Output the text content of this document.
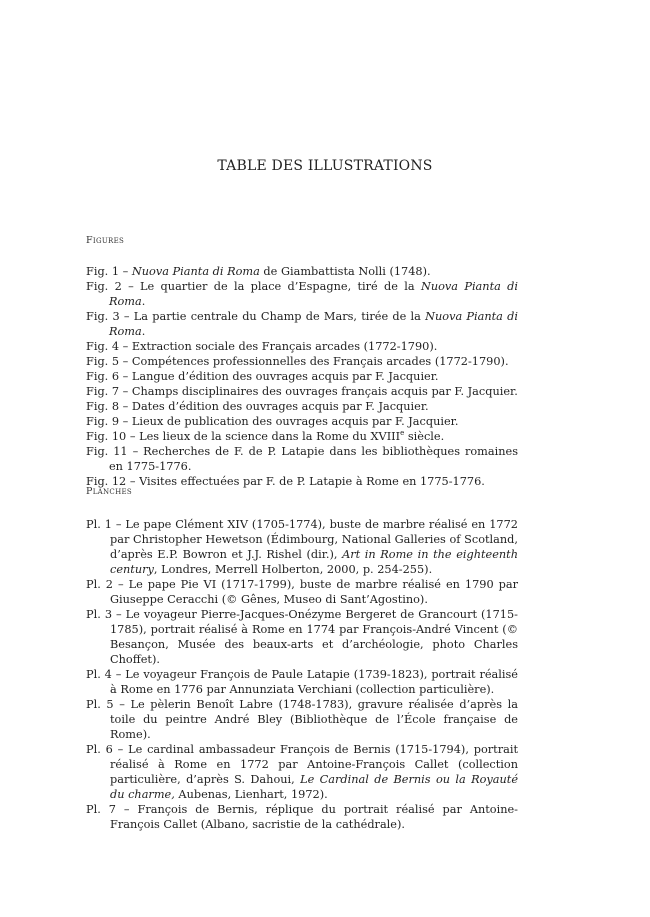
TABLE DES ILLUSTRATIONS
Figures
Fig. 1 – Nuova Pianta di Roma de Giambattista Nolli (1748).
Fig. 2 – Le quartier de la place d’Espagne, tiré de la Nuova Pianta di Roma.
Fig. 3 – La partie centrale du Champ de Mars, tirée de la Nuova Pianta di Roma.
Fig. 4 – Extraction sociale des Français arcades (1772-1790).
Fig. 5 – Compétences professionnelles des Français arcades (1772-1790).
Fig. 6 – Langue d’édition des ouvrages acquis par F. Jacquier.
Fig. 7 – Champs disciplinaires des ouvrages français acquis par F. Jacquier.
Fig. 8 – Dates d’édition des ouvrages acquis par F. Jacquier.
Fig. 9 – Lieux de publication des ouvrages acquis par F. Jacquier.
Fig. 10 – Les lieux de la science dans la Rome du XVIIIe siècle.
Fig. 11 – Recherches de F. de P. Latapie dans les bibliothèques romaines en 1775-1776.
Fig. 12 – Visites effectuées par F. de P. Latapie à Rome en 1775-1776.
Planches
Pl. 1 – Le pape Clément XIV (1705-1774), buste de marbre réalisé en 1772 par Christopher Hewetson (Édimbourg, National Galleries of Scotland, d’après E.P. Bowron et J.J. Rishel (dir.), Art in Rome in the eighteenth century, Londres, Merrell Holberton, 2000, p. 254-255).
Pl. 2 – Le pape Pie VI (1717-1799), buste de marbre réalisé en 1790 par Giuseppe Ceracchi (© Gênes, Museo di Sant’Agostino).
Pl. 3 – Le voyageur Pierre-Jacques-Onézyme Bergeret de Grancourt (1715-1785), portrait réalisé à Rome en 1774 par François-André Vincent (© Besançon, Musée des beaux-arts et d’archéologie, photo Charles Choffet).
Pl. 4 – Le voyageur François de Paule Latapie (1739-1823), portrait réalisé à Rome en 1776 par Annunziata Verchiani (collection particulière).
Pl. 5 – Le pèlerin Benoît Labre (1748-1783), gravure réalisée d’après la toile du peintre André Bley (Bibliothèque de l’École française de Rome).
Pl. 6 – Le cardinal ambassadeur François de Bernis (1715-1794), portrait réalisé à Rome en 1772 par Antoine-François Callet (collection particulière, d’après S. Dahoui, Le Cardinal de Bernis ou la Royauté du charme, Aubenas, Lienhart, 1972).
Pl. 7 – François de Bernis, réplique du portrait réalisé par Antoine-François Callet (Albano, sacristie de la cathédrale).
